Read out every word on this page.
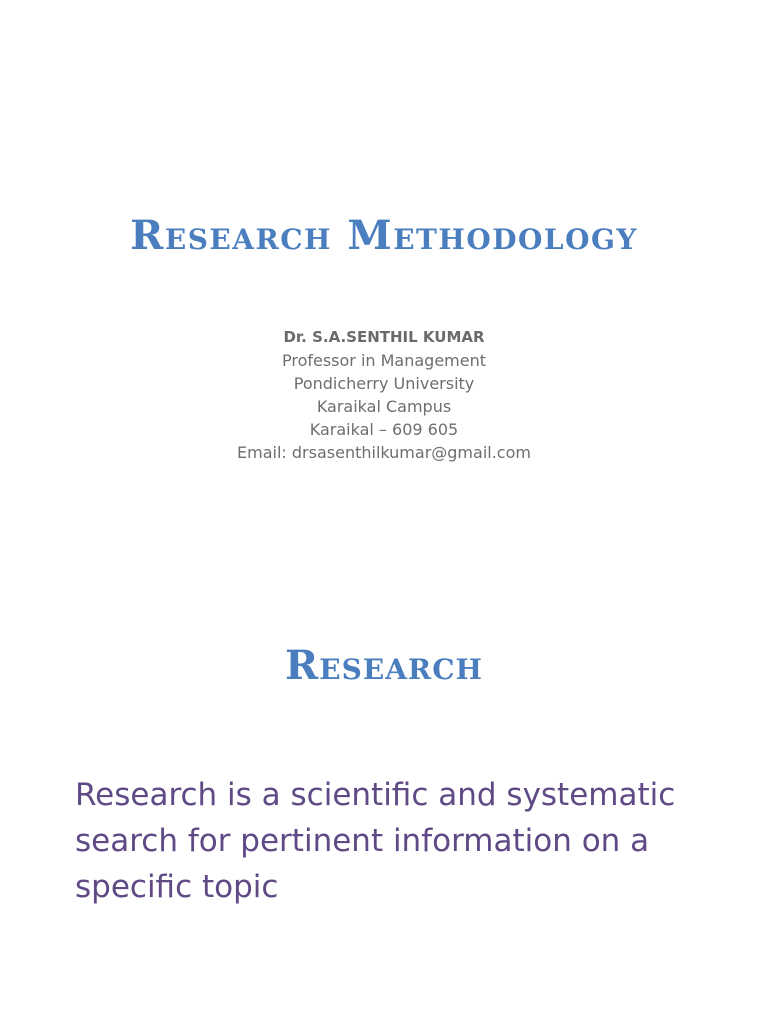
Research Methodology
Dr. S.A.SENTHIL KUMAR
Professor in Management
Pondicherry University
Karaikal Campus
Karaikal – 609 605
Email: drsasenthilkumar@gmail.com
Research

Research is a scientific and systematic search for pertinent information on a specific topic
